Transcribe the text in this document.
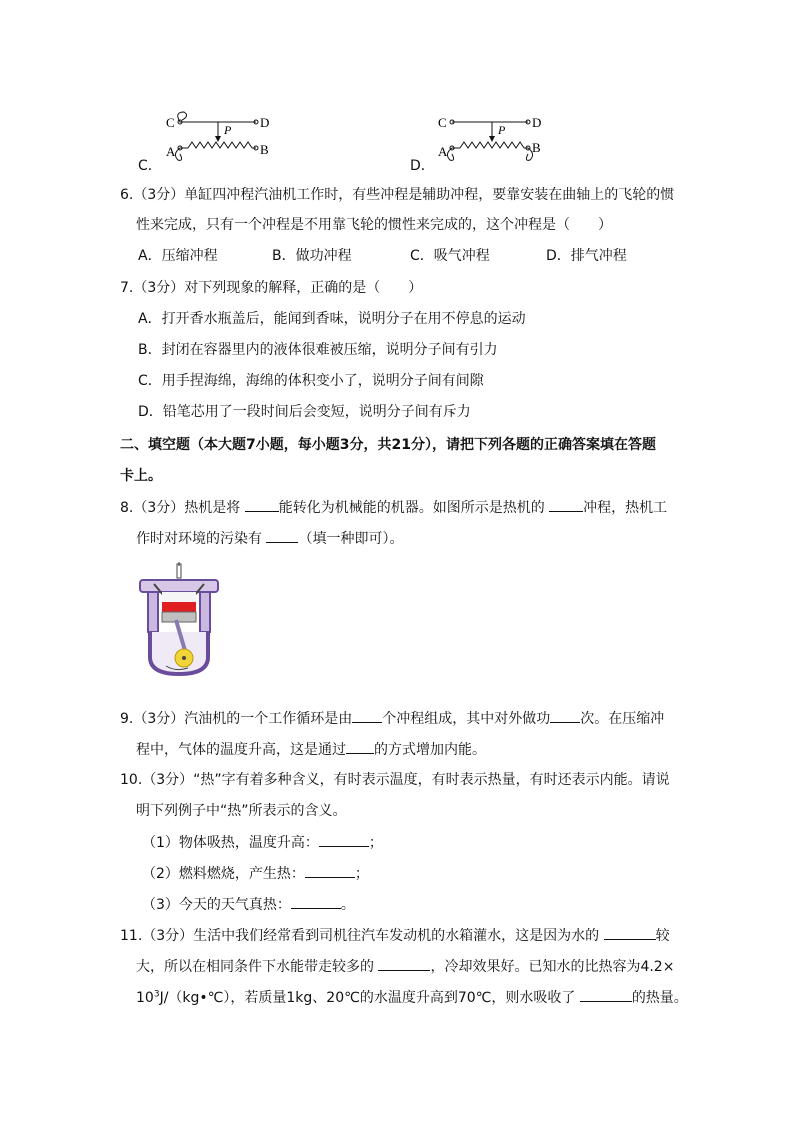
C	D
A	B
P
C．
C	D
A	B
P
D．
6.（3分）单缸四冲程汽油机工作时，有些冲程是辅助冲程，要靠安装在曲轴上的飞轮的惯
性来完成，只有一个冲程是不用靠飞轮的惯性来完成的，这个冲程是（　　）
A．压缩冲程	B．做功冲程	C．吸气冲程	D．排气冲程
7.（3分）对下列现象的解释，正确的是（　　）
A．打开香水瓶盖后，能闻到香味，说明分子在用不停息的运动
B．封闭在容器里内的液体很难被压缩，说明分子间有引力
C．用手捏海绵，海绵的体积变小了，说明分子间有间隙
D．铅笔芯用了一段时间后会变短，说明分子间有斥力
二、填空题（本大题7小题，每小题3分，共21分），请把下列各题的正确答案填在答题
卡上。
8.（3分）热机是将 能转化为机械能的机器。如图所示是热机的 冲程，热机工
作时对环境的污染有 （填一种即可）。
9.（3分）汽油机的一个工作循环是由 个冲程组成，其中对外做功 次。在压缩冲
程中，气体的温度升高，这是通过 的方式增加内能。
10.（3分）“热”字有着多种含义，有时表示温度，有时表示热量，有时还表示内能。请说
明下列例子中“热”所表示的含义。
（1）物体吸热，温度升高：	；
（2）燃料燃烧，产生热：	；
（3）今天的天气真热：	。
11.（3分）生活中我们经常看到司机往汽车发动机的水箱灌水，这是因为水的	较
大，所以在相同条件下水能带走较多的	，冷却效果好。已知水的比热容为4.2×
$10^3J/(kg•℃)$，若质量1kg、20℃的水温度升高到70℃，则水吸收了	的热量。
